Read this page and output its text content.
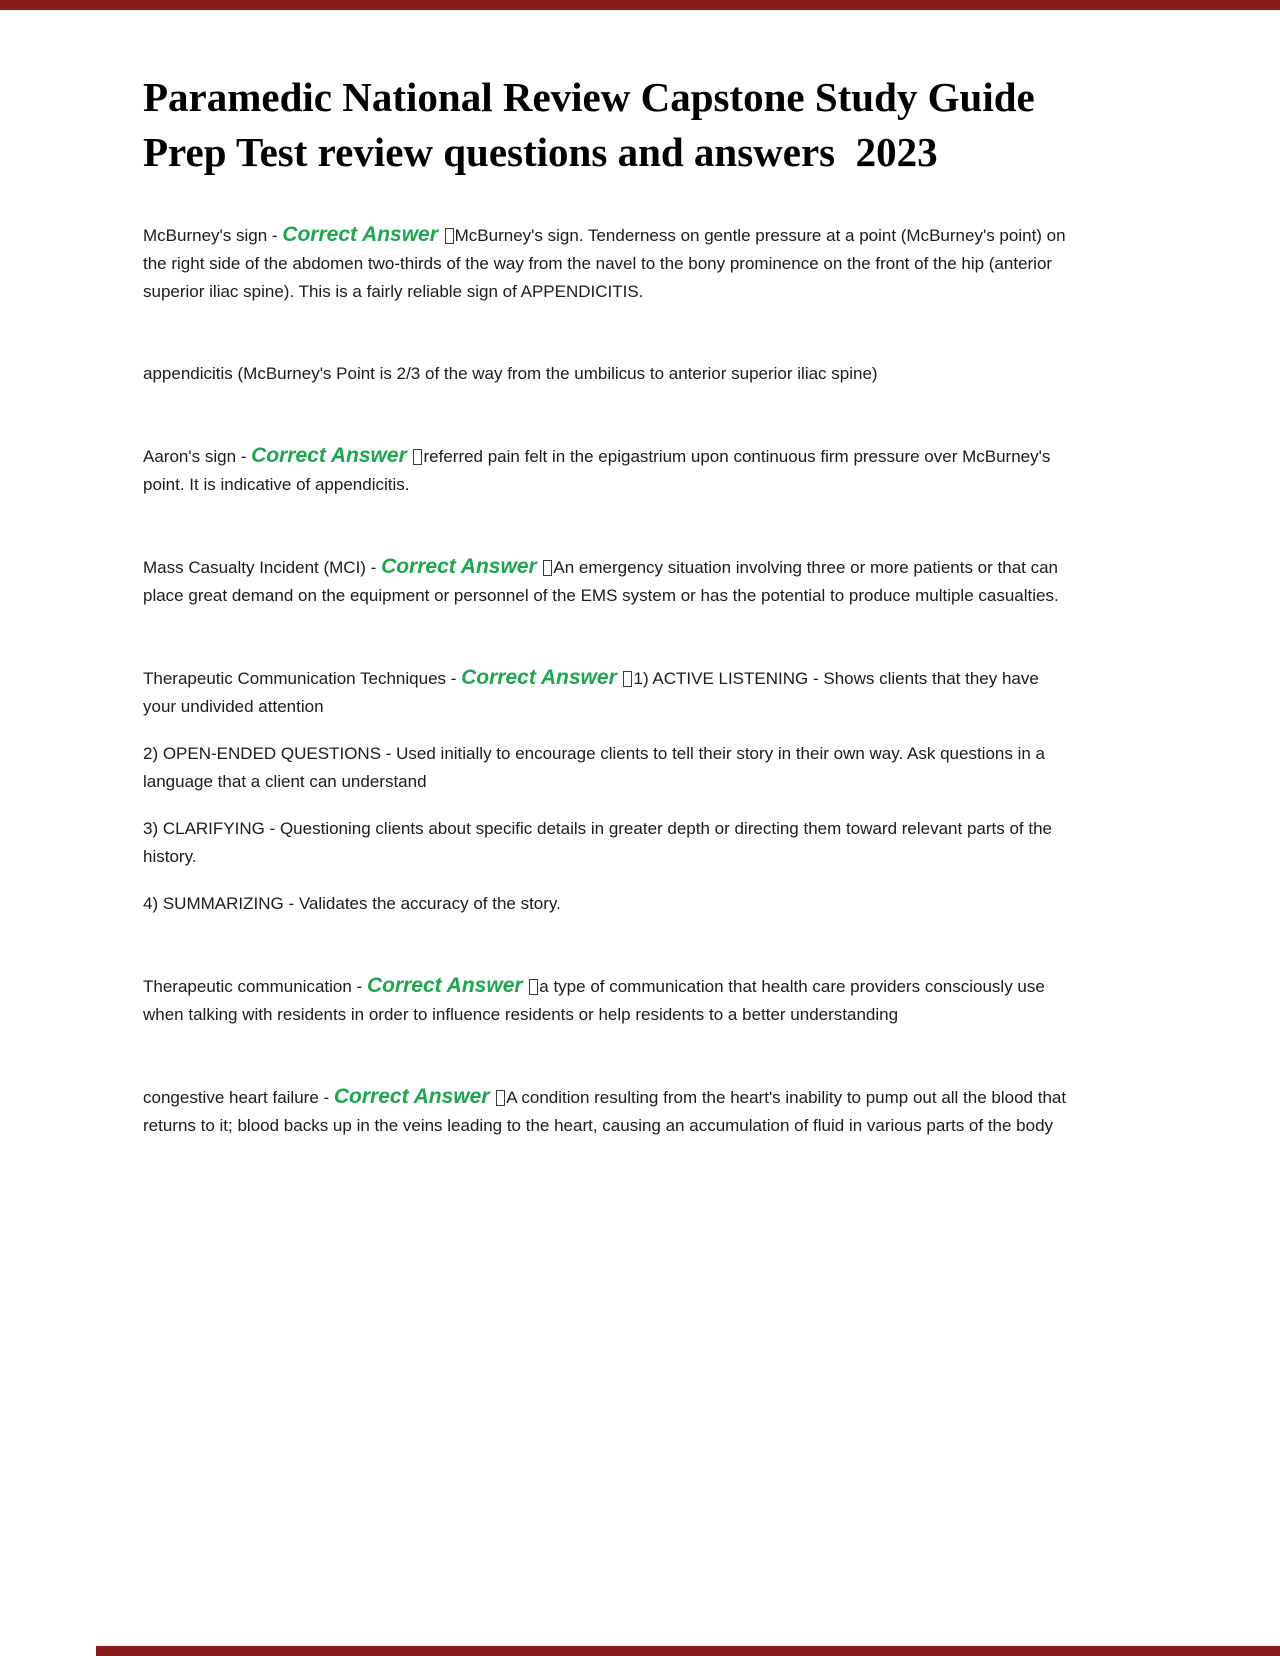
Paramedic National Review Capstone Study Guide Prep Test review questions and answers  2023

McBurney's sign - Correct Answer McBurney's sign. Tenderness on gentle pressure at a point (McBurney's point) on the right side of the abdomen two-thirds of the way from the navel to the bony prominence on the front of the hip (anterior superior iliac spine). This is a fairly reliable sign of APPENDICITIS.

appendicitis (McBurney's Point is 2/3 of the way from the umbilicus to anterior superior iliac spine)

Aaron's sign - Correct Answer referred pain felt in the epigastrium upon continuous firm pressure over McBurney's point. It is indicative of appendicitis.

Mass Casualty Incident (MCI) - Correct Answer An emergency situation involving three or more patients or that can place great demand on the equipment or personnel of the EMS system or has the potential to produce multiple casualties.

Therapeutic Communication Techniques - Correct Answer 1) ACTIVE LISTENING - Shows clients that they have your undivided attention

2) OPEN-ENDED QUESTIONS - Used initially to encourage clients to tell their story in their own way. Ask questions in a language that a client can understand

3) CLARIFYING - Questioning clients about specific details in greater depth or directing them toward relevant parts of the history.

4) SUMMARIZING - Validates the accuracy of the story.

Therapeutic communication - Correct Answer a type of communication that health care providers consciously use when talking with residents in order to influence residents or help residents to a better understanding

congestive heart failure - Correct Answer A condition resulting from the heart's inability to pump out all the blood that returns to it; blood backs up in the veins leading to the heart, causing an accumulation of fluid in various parts of the body
